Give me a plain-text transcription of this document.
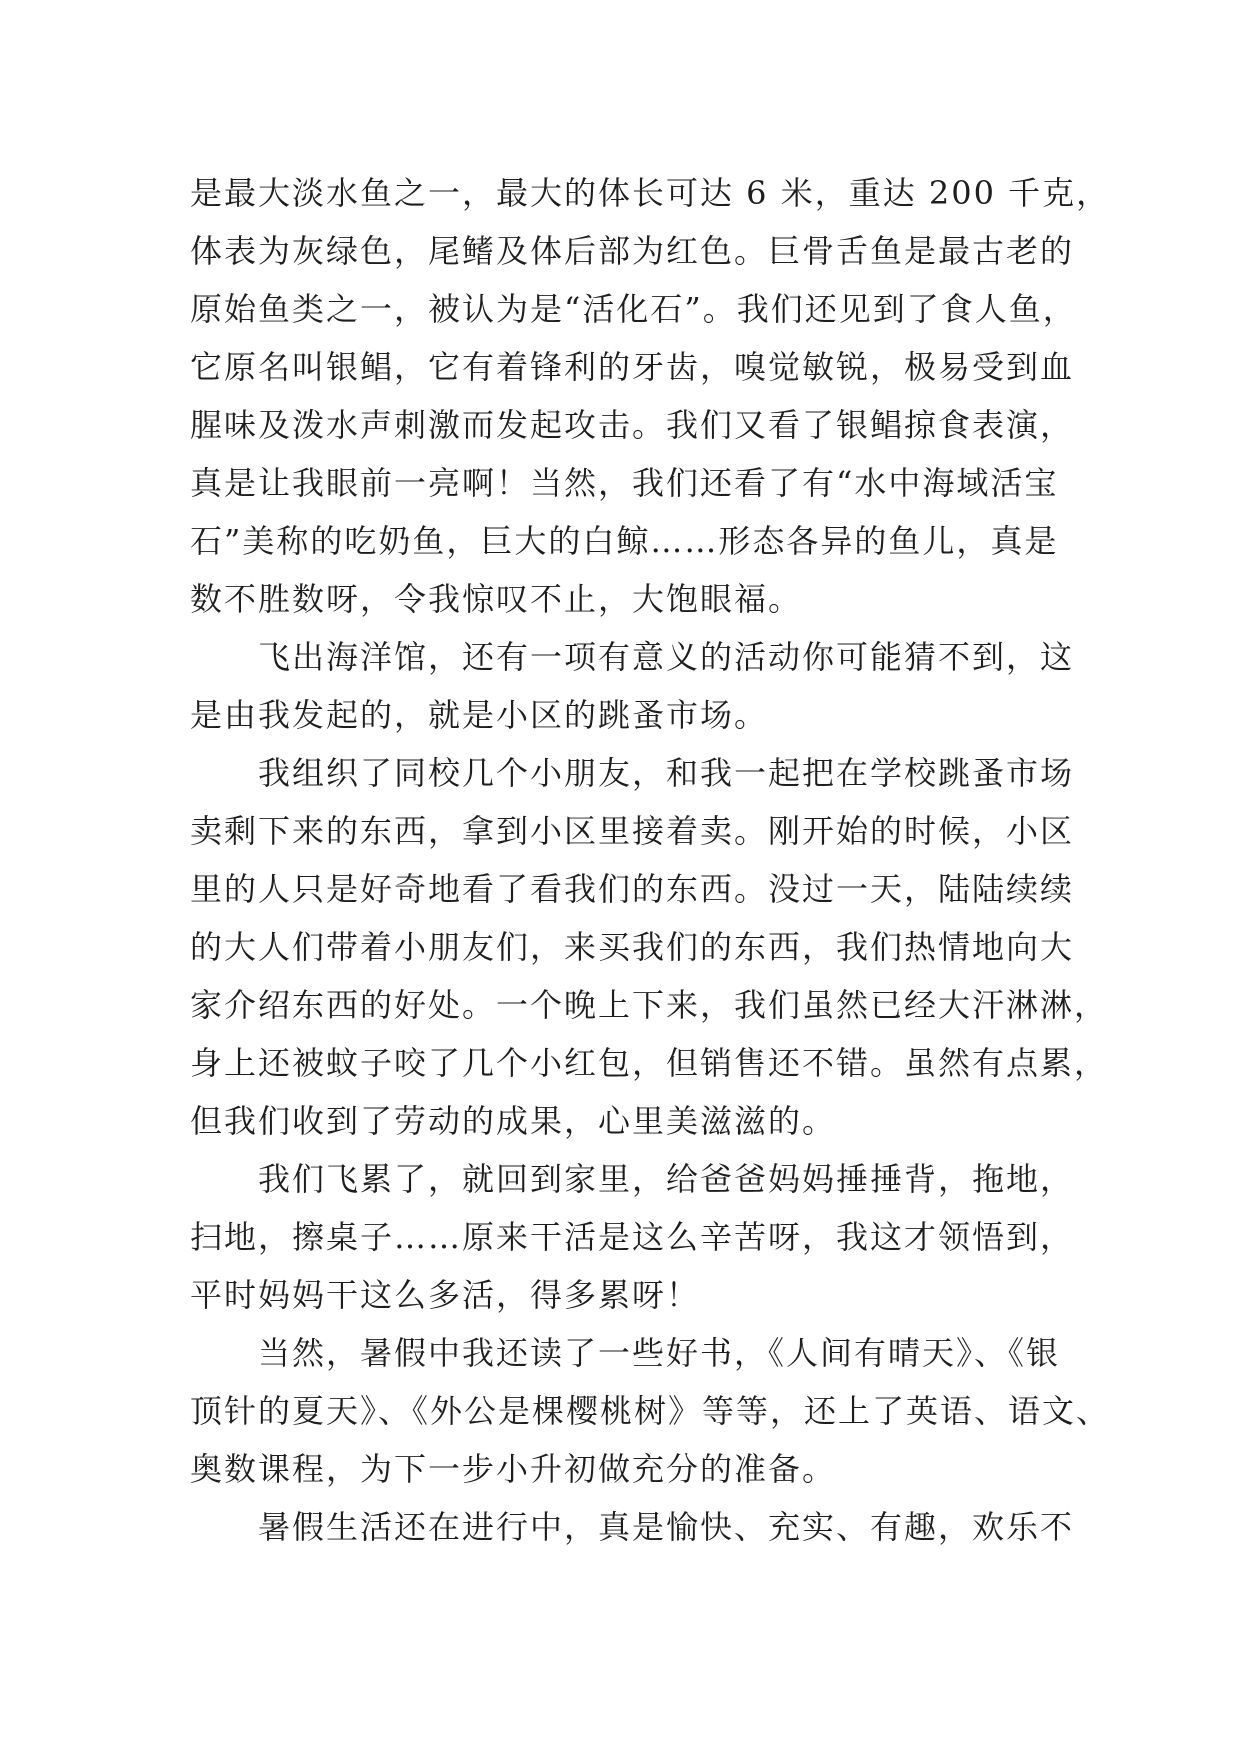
是最大淡水鱼之一，最大的体长可达 6 米，重达 200 千克，
体表为灰绿色，尾鳍及体后部为红色。巨骨舌鱼是最古老的
原始鱼类之一，被认为是“活化石”。我们还见到了食人鱼，
它原名叫银鲳，它有着锋利的牙齿，嗅觉敏锐，极易受到血
腥味及泼水声刺激而发起攻击。我们又看了银鲳掠食表演，
真是让我眼前一亮啊！当然，我们还看了有“水中海域活宝
石”美称的吃奶鱼，巨大的白鲸……形态各异的鱼儿，真是
数不胜数呀，令我惊叹不止，大饱眼福。
飞出海洋馆，还有一项有意义的活动你可能猜不到，这
是由我发起的，就是小区的跳蚤市场。
我组织了同校几个小朋友，和我一起把在学校跳蚤市场
卖剩下来的东西，拿到小区里接着卖。刚开始的时候，小区
里的人只是好奇地看了看我们的东西。没过一天，陆陆续续
的大人们带着小朋友们，来买我们的东西，我们热情地向大
家介绍东西的好处。一个晚上下来，我们虽然已经大汗淋淋，
身上还被蚊子咬了几个小红包，但销售还不错。虽然有点累，
但我们收到了劳动的成果，心里美滋滋的。
我们飞累了，就回到家里，给爸爸妈妈捶捶背，拖地，
扫地，擦桌子……原来干活是这么辛苦呀，我这才领悟到，
平时妈妈干这么多活，得多累呀！
当然，暑假中我还读了一些好书，《人间有晴天》、《银
顶针的夏天》、《外公是棵樱桃树》等等，还上了英语、语文、
奥数课程，为下一步小升初做充分的准备。
暑假生活还在进行中，真是愉快、充实、有趣，欢乐不
